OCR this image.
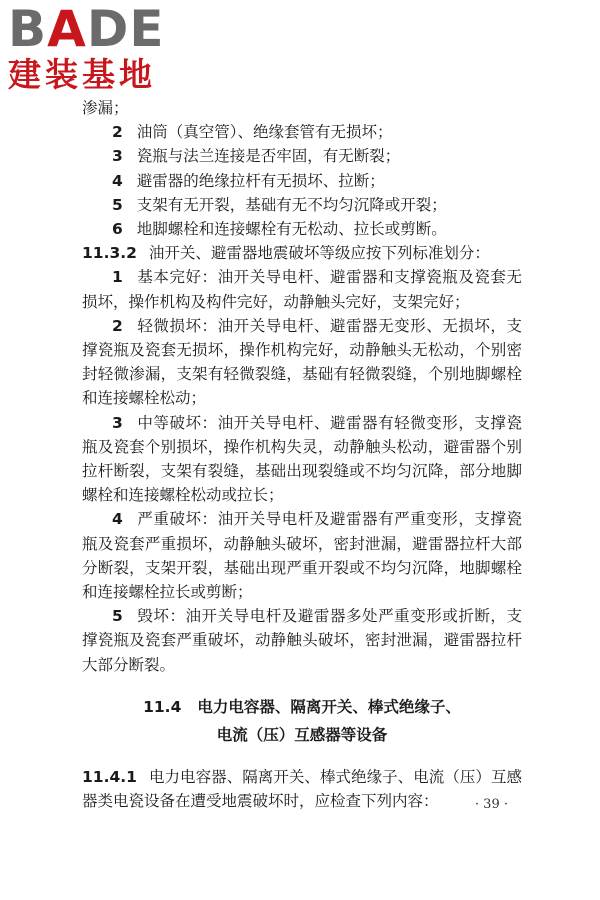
BADE
建装基地

渗漏；

2 油筒（真空管）、绝缘套管有无损坏；

3 瓷瓶与法兰连接是否牢固，有无断裂；

4 避雷器的绝缘拉杆有无损坏、拉断；

5 支架有无开裂，基础有无不均匀沉降或开裂；

6 地脚螺栓和连接螺栓有无松动、拉长或剪断。

11.3.2 油开关、避雷器地震破坏等级应按下列标准划分：

1 基本完好：油开关导电杆、避雷器和支撑瓷瓶及瓷套无损坏，操作机构及构件完好，动静触头完好，支架完好；

2 轻微损坏：油开关导电杆、避雷器无变形、无损坏，支撑瓷瓶及瓷套无损坏，操作机构完好，动静触头无松动，个别密封轻微渗漏，支架有轻微裂缝，基础有轻微裂缝，个别地脚螺栓和连接螺栓松动；

3 中等破坏：油开关导电杆、避雷器有轻微变形，支撑瓷瓶及瓷套个别损坏，操作机构失灵，动静触头松动，避雷器个别拉杆断裂，支架有裂缝，基础出现裂缝或不均匀沉降，部分地脚螺栓和连接螺栓松动或拉长；

4 严重破坏：油开关导电杆及避雷器有严重变形，支撑瓷瓶及瓷套严重损坏，动静触头破坏，密封泄漏，避雷器拉杆大部分断裂，支架开裂，基础出现严重开裂或不均匀沉降，地脚螺栓和连接螺栓拉长或剪断；

5 毁坏：油开关导电杆及避雷器多处严重变形或折断，支撑瓷瓶及瓷套严重破坏，动静触头破坏，密封泄漏，避雷器拉杆大部分断裂。

11.4 电力电容器、隔离开关、棒式绝缘子、

电流（压）互感器等设备

11.4.1 电力电容器、隔离开关、棒式绝缘子、电流（压）互感器类电瓷设备在遭受地震破坏时，应检查下列内容：	· 39 ·
